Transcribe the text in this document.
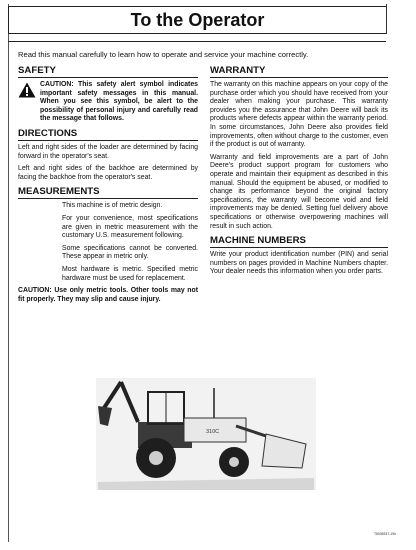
To the Operator
Read this manual carefully to learn how to operate and service your machine correctly.
SAFETY
CAUTION: This safety alert symbol indicates important safety messages in this manual. When you see this symbol, be alert to the possibility of personal injury and carefully read the message that follows.
DIRECTIONS

Left and right sides of the loader are determined by facing forward in the operator's seat.

Left and right sides of the backhoe are determined by facing the backhoe from the operator's seat.

MEASUREMENTS

This machine is of metric design.

For your convenience, most specifications are given in metric measurement with the customary U.S. measurement following.

Some specifications cannot be converted. These appear in metric only.

Most hardware is metric. Specified metric hardware must be used for replacement.

CAUTION: Use only metric tools. Other tools may not fit properly. They may slip and cause injury.

WARRANTY

The warranty on this machine appears on your copy of the purchase order which you should have received from your dealer when making your purchase. This warranty provides you the assurance that John Deere will back its products where defects appear within the warranty period. In some circumstances, John Deere also provides field improvements, often without charge to the customer, even if the product is out of warranty.

Warranty and field improvements are a part of John Deere's product support program for customers who operate and maintain their equipment as described in this manual. Should the equipment be abused, or modified to change its performance beyond the original factory specifications, the warranty will become void and field improvements may be denied. Setting fuel delivery above specifications or otherwise overpowering machines will result in such action.

MACHINE NUMBERS

Write your product identification number (PIN) and serial numbers on pages provided in Machine Numbers chapter. Your dealer needs this information when you order parts.

310C
T8008337-19h
